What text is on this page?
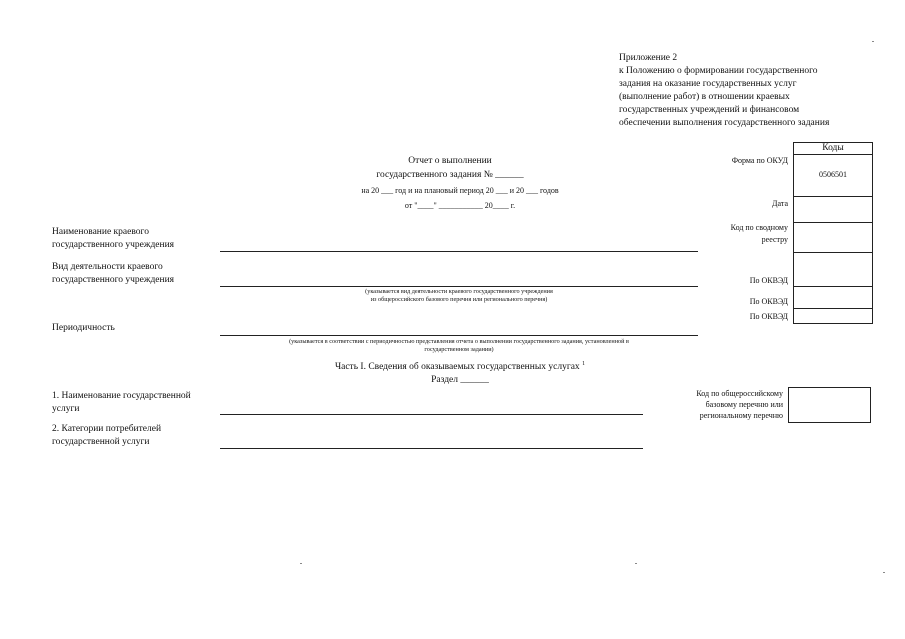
Приложение 2
к Положению о формировании государственного
задания на оказание государственных услуг
(выполнение работ) в отношении краевых
государственных учреждений и финансовом
обеспечении выполнения государственного задания
Отчет о выполнении
государственного задания № ______
на 20 ___ год и на плановый период 20 ___ и 20 ___ годов
от "____" ___________ 20____ г.
Коды
0506501
Форма по ОКУД
Дата
Код по сводному
реестру
По ОКВЭД
По ОКВЭД
По ОКВЭД
Наименование краевого
государственного учреждения
Вид деятельности краевого
государственного учреждения
(указывается вид деятельности краевого государственного учреждения
из общероссийского базового перечня или регионального перечня)
Периодичность
(указывается в соответствии с периодичностью представления отчета о выполнении государственного задания, установленной в
государственном задании)
Часть I. Сведения об оказываемых государственных услугах $^1$
Раздел ______
1. Наименование государственной
услуги
2. Категории потребителей
государственной услуги
Код по общероссийскому
базовому перечню или
региональному перечню
